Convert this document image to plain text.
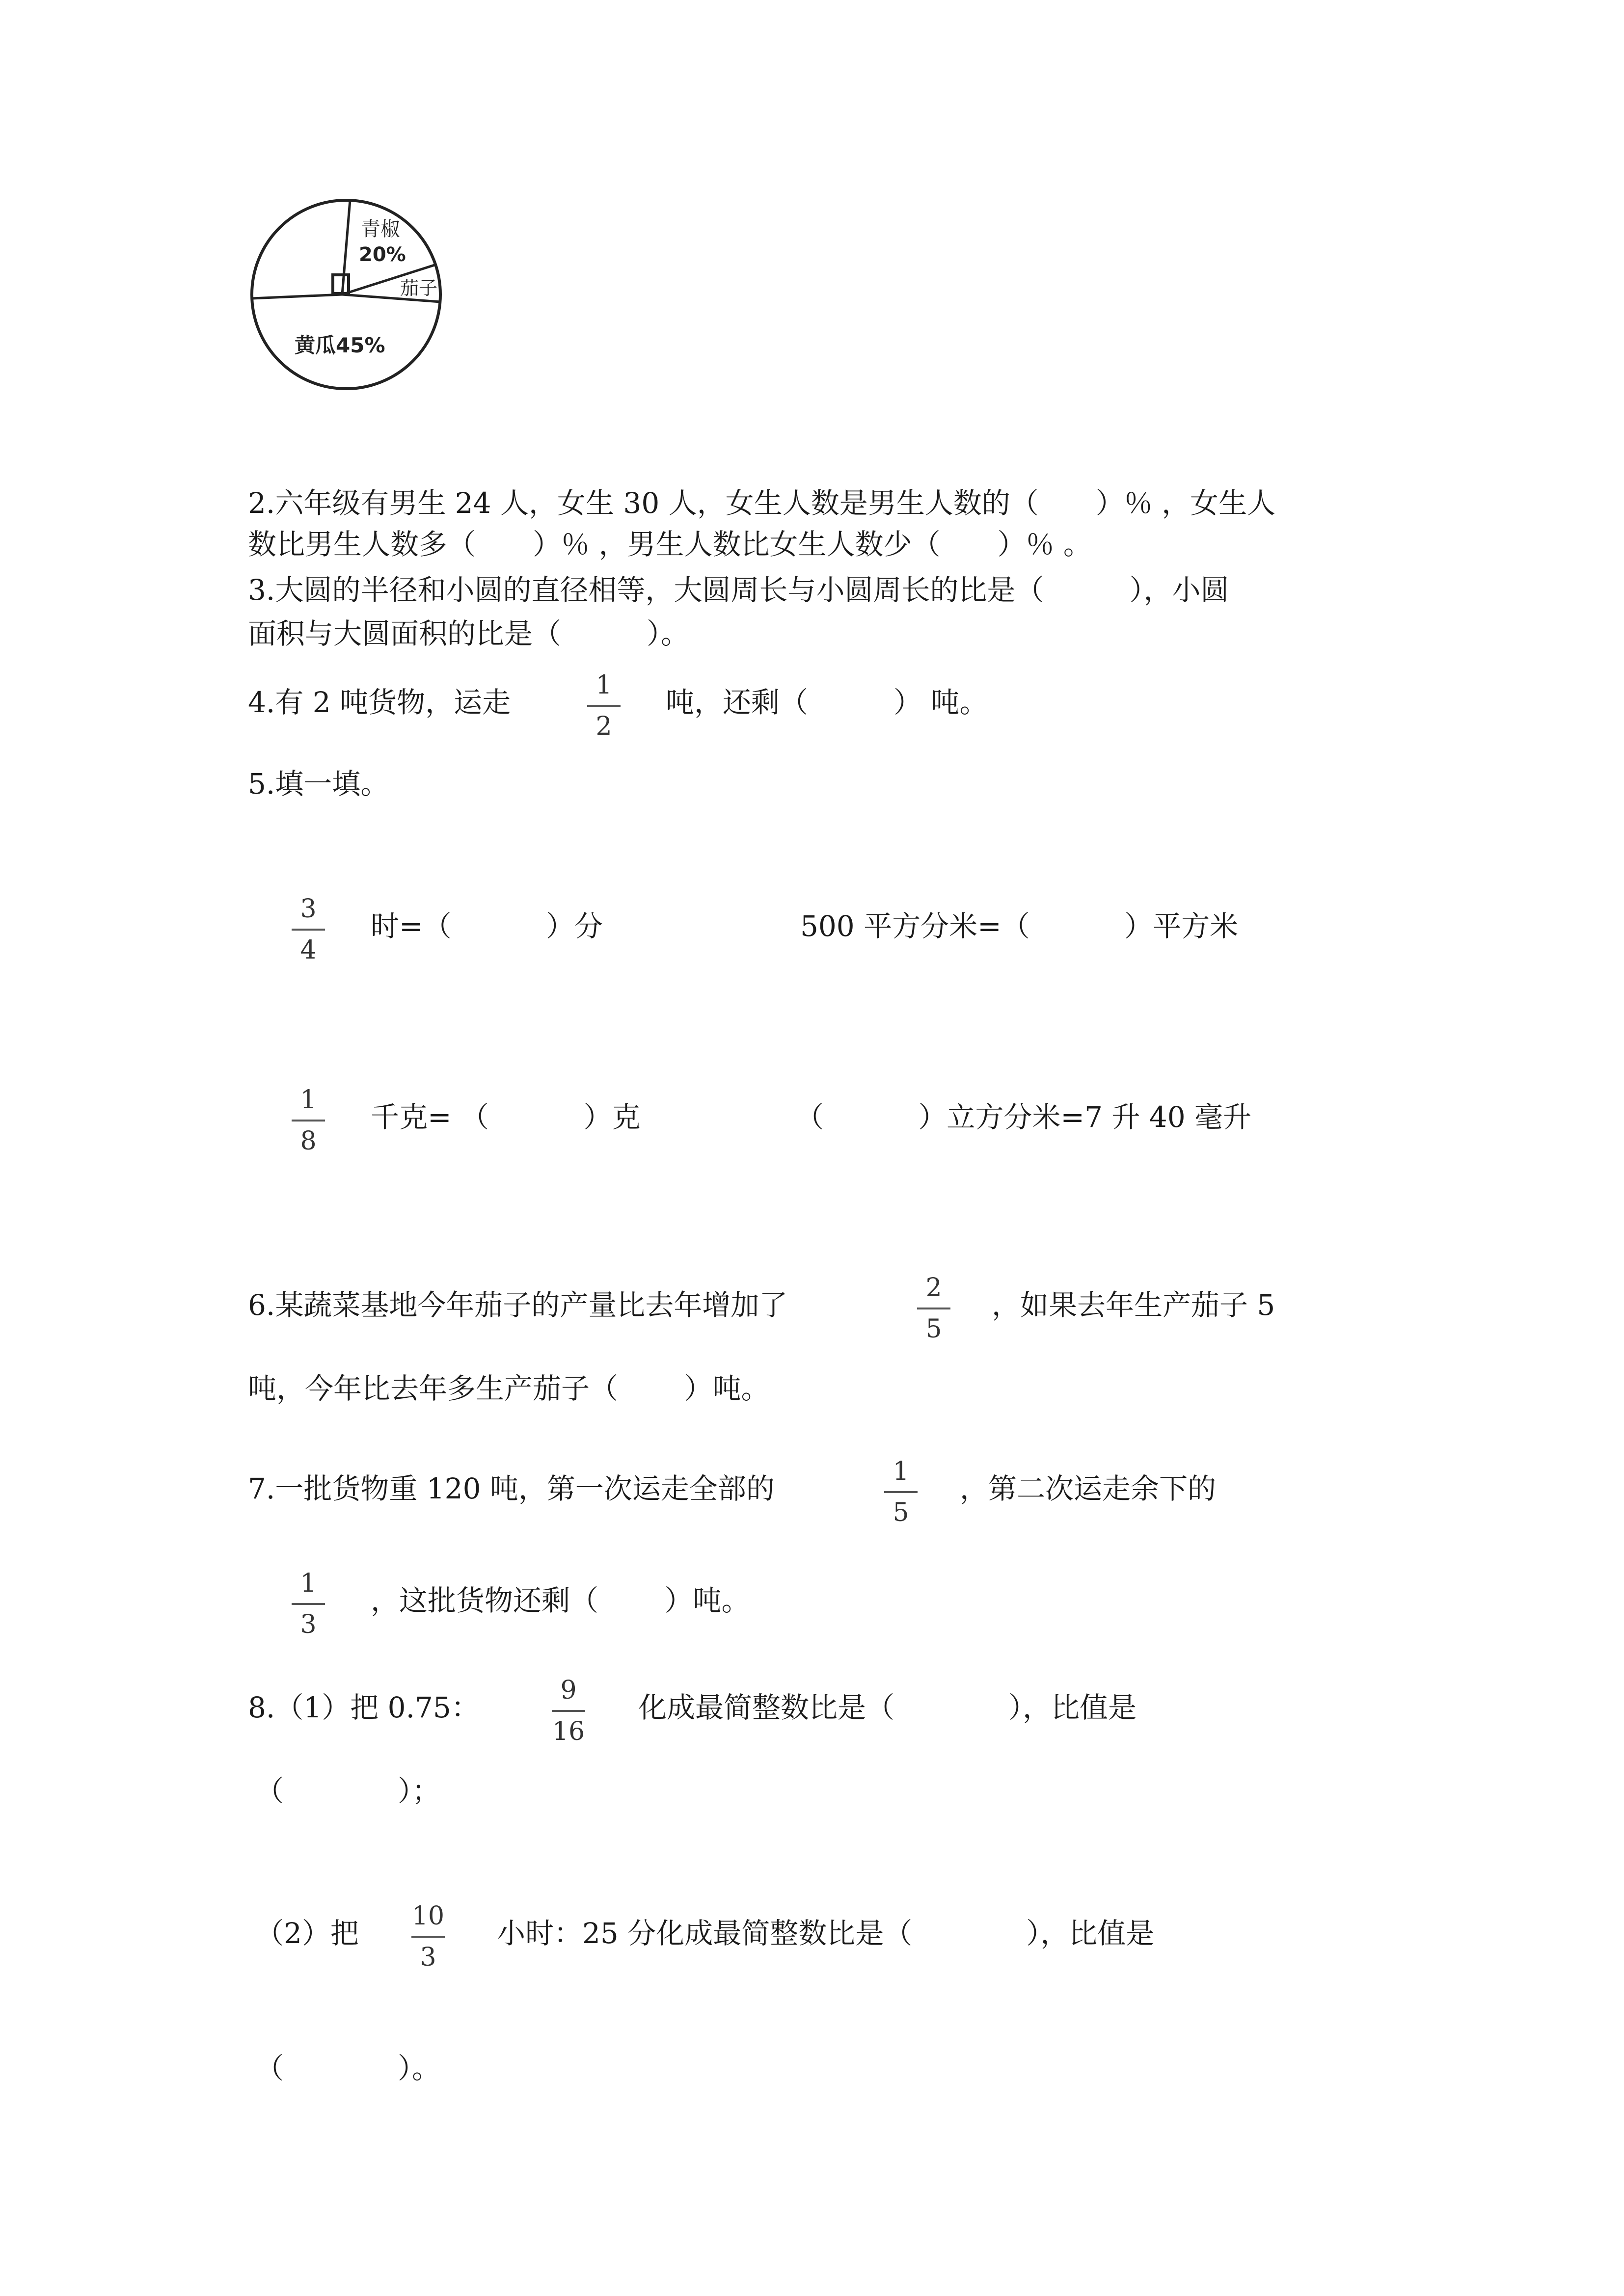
青椒
20%
茄子
黄瓜45%
2.六年级有男生 24 人，女生 30 人，女生人数是男生人数的（　　）％ ，女生人
数比男生人数多（　　）％ ，男生人数比女生人数少（　　）％ 。
3.大圆的半径和小圆的直径相等，大圆周长与小圆周长的比是（　　　），小圆
面积与大圆面积的比是（　　　）。
4.有 2 吨货物，运走
1
2
吨，还剩（　　　） 吨。
5.填一填。
3
4
时=（　　　 ）分	500 平方分米=（　　　 ）平方米
1
8
千克= （　　　 ）克	（　　　 ）立方分米=7 升 40 毫升
6.某蔬菜基地今年茄子的产量比去年增加了
2
5
，如果去年生产茄子 5
吨，今年比去年多生产茄子（　　 ）吨。
7.一批货物重 120 吨，第一次运走全部的
1
5
，第二次运走余下的
1
3
，这批货物还剩（　　 ）吨。
8.（1）把 0.75：
9
16
化成最简整数比是（　　　　），比值是
（　　　　）；
（2）把
10
3
小时：25 分化成最简整数比是（　　　　），比值是
（　　　　）。
